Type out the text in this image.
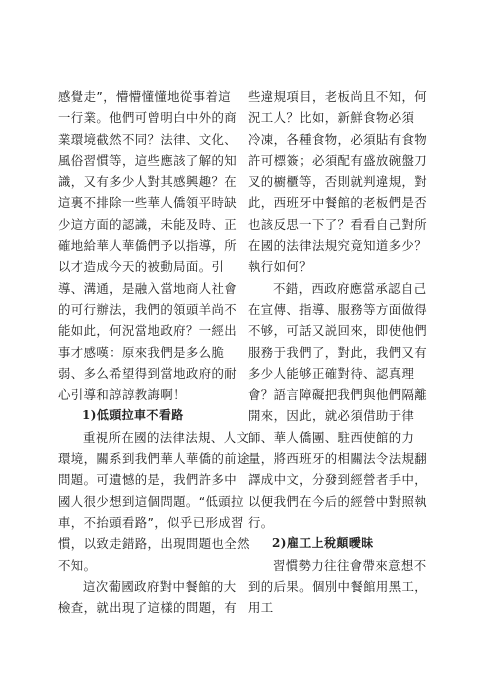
感覺走”，懵懵懂懂地從事着這
一行業。他們可曾明白中外的商
業環境截然不同？法律、文化、
風俗習慣等，這些應該了解的知
識，又有多少人對其感興趣？在
這裏不排除一些華人僑領平時缺
少這方面的認識，未能及時、正
確地給華人華僑們予以指導，所
以才造成今天的被動局面。引
導、溝通，是融入當地商人社會
的可行辦法，我們的領頭羊尚不
能如此，何況當地政府？一經出
事才感嘆：原來我們是多么脆
弱、多么希望得到當地政府的耐
心引導和諄諄教誨啊！
1)低頭拉車不看路
重視所在國的法律法規、人文
環境，關系到我們華人華僑的前途
問題。可遺憾的是，我們許多中
國人很少想到這個問題。“低頭拉
車，不抬頭看路”，似乎已形成習
慣，以致走錯路，出現問題也全然
不知。
這次葡國政府對中餐館的大
檢查，就出現了這樣的問題，有
些違規項目，老板尚且不知，何
況工人？比如，新鮮食物必須
冷凍，各種食物，必須貼有食物
許可標簽；必須配有盛放碗盤刀
叉的櫥櫃等，否則就判違規，對
此，西班牙中餐館的老板們是否
也該反思一下了？看看自己對所
在國的法律法規究竟知道多少？
執行如何？
不錯，西政府應當承認自己
在宣傳、指導、服務等方面做得
不够，可話又説回來，即使他們
服務于我們了，對此，我們又有
多少人能够正確對待、認真理
會？語言障礙把我們與他們隔離
開來，因此，就必須借助于律
師、華人僑團、駐西使館的力
量，將西班牙的相關法令法規翻
譯成中文，分發到經營者手中，
以便我們在今后的經營中對照執
行。
2)雇工上稅顛曖昧
習慣勢力往往會帶來意想不
到的后果。個別中餐館用黑工，
用工
